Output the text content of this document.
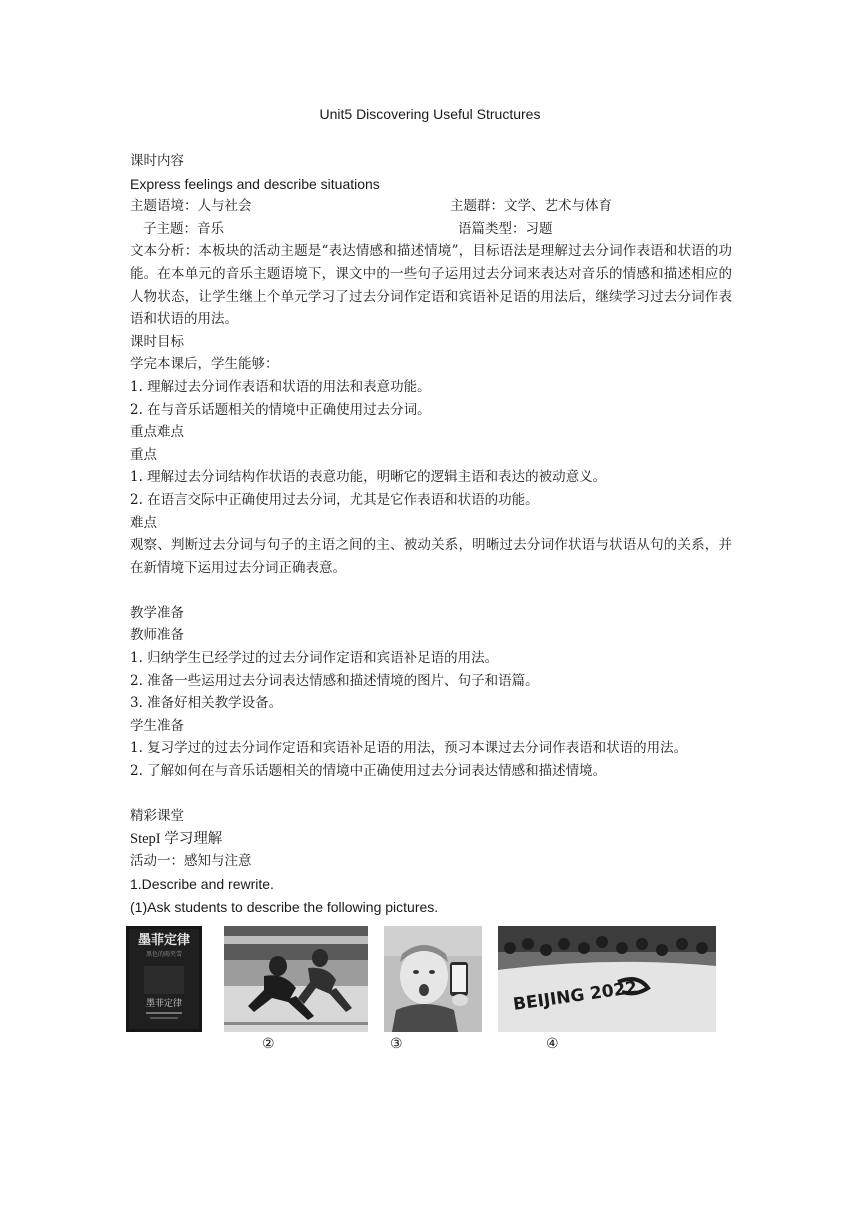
Unit5 Discovering Useful Structures

课时内容

Express feelings and describe situations

主题语境：人与社会	主题群：文学、艺术与体育
子主题：音乐	语篇类型：习题

文本分析：本板块的活动主题是“表达情感和描述情境”，目标语法是理解过去分词作表语和状语的功能。在本单元的音乐主题语境下，课文中的一些句子运用过去分词来表达对音乐的情感和描述相应的人物状态，让学生继上个单元学习了过去分词作定语和宾语补足语的用法后，继续学习过去分词作表语和状语的用法。

课时目标

学完本课后，学生能够：

1. 理解过去分词作表语和状语的用法和表意功能。

2. 在与音乐话题相关的情境中正确使用过去分词。

重点难点

重点

1. 理解过去分词结构作状语的表意功能，明晰它的逻辑主语和表达的被动意义。

2. 在语言交际中正确使用过去分词，尤其是它作表语和状语的功能。

难点

观察、判断过去分词与句子的主语之间的主、被动关系，明晰过去分词作状语与状语从句的关系，并在新情境下运用过去分词正确表意。

教学准备

教师准备

1. 归纳学生已经学过的过去分词作定语和宾语补足语的用法。

2. 准备一些运用过去分词表达情感和描述情境的图片、句子和语篇。

3. 准备好相关教学设备。

学生准备

1. 复习学过的过去分词作定语和宾语补足语的用法，预习本课过去分词作表语和状语的用法。

2. 了解如何在与音乐话题相关的情境中正确使用过去分词表达情感和描述情境。

精彩课堂

StepI 学习理解

活动一：感知与注意

1.Describe and rewrite.

(1)Ask students to describe the following pictures.

墨菲定律
黑色的雨夹雪
墨菲定律	BEIJING 2022
②	③	④
